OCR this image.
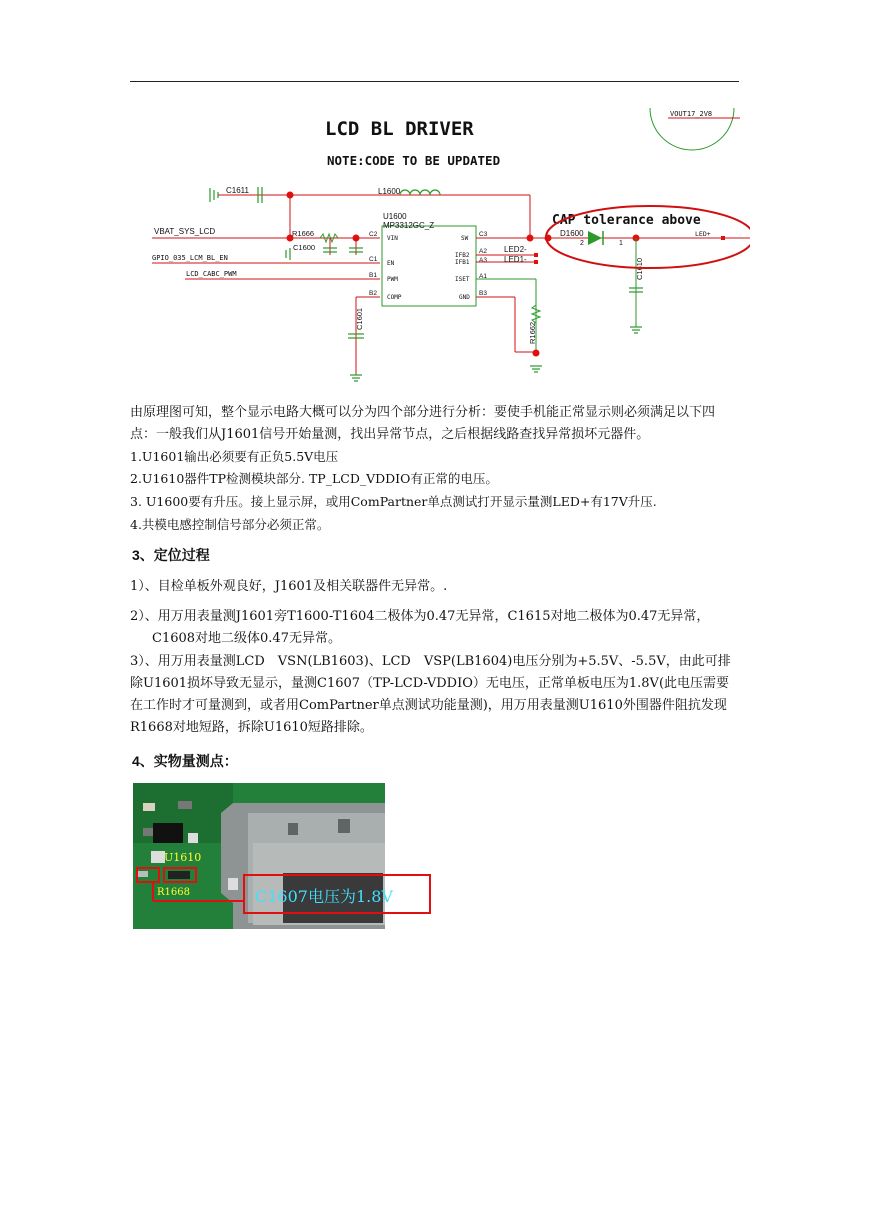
LCD BL DRIVER
NOTE:CODE TO BE UPDATED
VOUT17_2V8
C1611	L1600
VBAT_SYS_LCD	R1666
C1600
GPIO_035_LCM_BL_EN
LCD_CABC_PWM
C1601
U1600
MP3312GC_Z
VIN
EN
PWM
COMP
SW
IFB2
IFB1
ISET
GND
C2
C1
B1
B2
C3
A2
A3
A1
B3
LED2-
LED1-
R1662
D1600
2	1
LED+
C1610
CAP tolerance above
由原理图可知，整个显示电路大概可以分为四个部分进行分析：要使手机能正常显示则必须满足以下四点：一般我们从J1601信号开始量测，找出异常节点，之后根据线路查找异常损坏元器件。
1.U1601输出必须要有正负5.5V电压
2.U1610器件TP检测模块部分. TP_LCD_VDDIO有正常的电压。
3. U1600要有升压。接上显示屏，或用ComPartner单点测试打开显示量测LED+有17V升压.
4.共模电感控制信号部分必须正常。
3、定位过程
1）、目检单板外观良好，J1601及相关联器件无异常。.
2）、用万用表量测J1601旁T1600-T1604二极体为0.47无异常，C1615对地二极体为0.47无异常，
C1608对地二级体0.47无异常。
3）、用万用表量测LCD　VSN(LB1603)、LCD　VSP(LB1604)电压分别为+5.5V、-5.5V，由此可排除U1601损坏导致无显示，量测C1607（TP-LCD-VDDIO）无电压，正常单板电压为1.8V(此电压需要在工作时才可量测到，或者用ComPartner单点测试功能量测)，用万用表量测U1610外围器件阻抗发现R1668对地短路，拆除U1610短路排除。
4、实物量测点：
U1610
R1668	C1607电压为1.8V
